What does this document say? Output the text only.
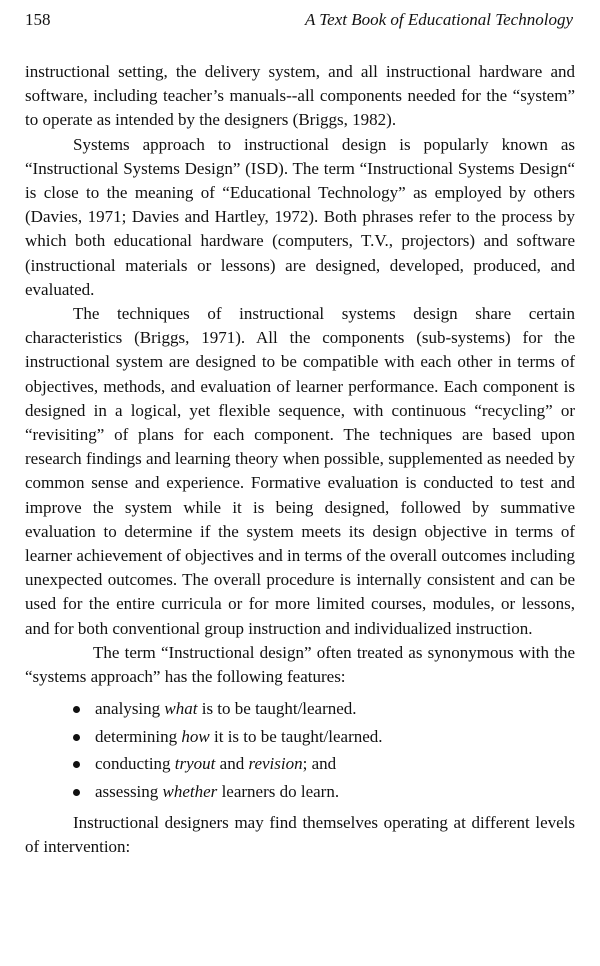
158	A Text Book of Educational Technology

instructional setting, the delivery system, and all instructional hardware and software, including teacher’s manuals--all components needed for the “system” to operate as intended by the designers (Briggs, 1982).

Systems approach to instructional design is popularly known as “Instructional Systems Design” (ISD). The term “Instructional Systems Design“ is close to the meaning of “Educational Technology” as employed by others (Davies, 1971; Davies and Hartley, 1972). Both phrases refer to the process by which both educational hardware (computers, T.V., projectors) and software (instructional materials or lessons) are designed, developed, produced, and evaluated.

The techniques of instructional systems design share certain characteristics (Briggs, 1971). All the components (sub-systems) for the instructional system are designed to be compatible with each other in terms of objectives, methods, and evaluation of learner performance. Each component is designed in a logical, yet flexible sequence, with continuous “recycling” or “revisiting” of plans for each component. The techniques are based upon research findings and learning theory when possible, supplemented as needed by common sense and experience. Formative evaluation is conducted to test and improve the system while it is being designed, followed by summative evaluation to determine if the system meets its design objective in terms of learner achievement of objectives and in terms of the overall outcomes including unexpected outcomes. The overall procedure is internally consistent and can be used for the entire curricula or for more limited courses, modules, or lessons, and for both conventional group instruction and individualized instruction.

The term “Instructional design” often treated as synonymous with the “systems approach” has the following features:

analysing what is to be taught/learned.
determining how it is to be taught/learned.
conducting tryout and revision; and
assessing whether learners do learn.

Instructional designers may find themselves operating at different levels of intervention:
